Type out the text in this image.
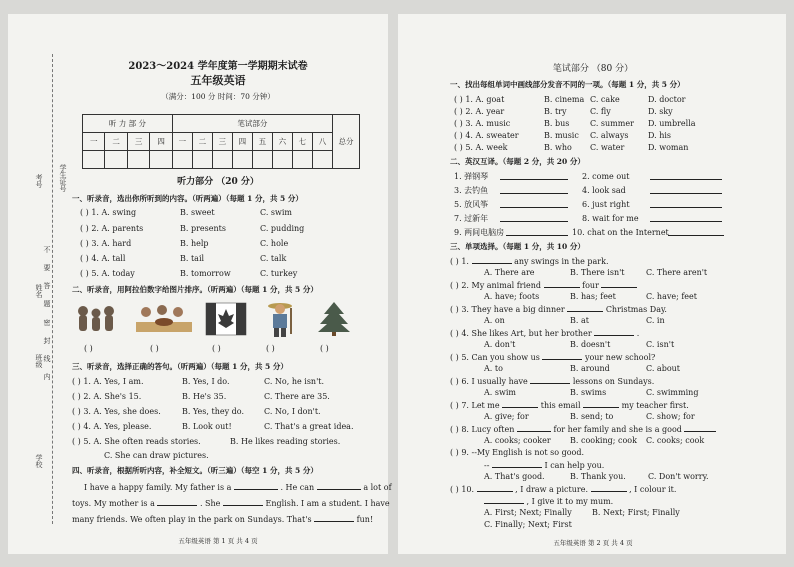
学校
班级
姓名
考号 学生证号
不
要
答
题
密
封
线
内
2023～2024 学年度第一学期期末试卷
五年级英语
（满分：100 分 时间：70 分钟）
听 力 部 分				笔试部分								总分
一	二	三	四	一	二	三	四	五	六	七	八	

听力部分 （20 分）
一、听录音，选出你所听到的内容。（听两遍）（每题 1 分，共 5 分）
( ) 1. A. swing	B. sweet	C. swim
( ) 2. A. parents	B. presents	C. pudding
( ) 3. A. hard	B. help	C. hole
( ) 4. A. tall	B. tail	C. talk
( ) 5. A. today	B. tomorrow	C. turkey
二、听录音，用阿拉伯数字给图片排序。（听两遍）（每题 1 分，共 5 分）
( )	( )	( )	( )	( )
三、听录音，选择正确的答句。（听两遍）（每题 1 分，共 5 分）
( ) 1. A. Yes, I am.	B. Yes, I do.	C. No, he isn't.
( ) 2. A. She's 15.	B. He's 35.	C. There are 35.
( ) 3. A. Yes, she does.	B. Yes, they do.	C. No, I don't.
( ) 4. A. Yes, please.	B. Look out!	C. That's a great idea.
( ) 5. A. She often reads stories.	B. He likes reading stories.
C. She can draw pictures.
四、听录音，根据所听内容，补全短文。（听三遍）（每空 1 分，共 5 分）
I have a happy family. My father is a	. He can	a lot of
toys. My mother is a	. She	English. I am a student. I have
many friends. We often play in the park on Sundays. That's	fun!
五年级英语 第 1 页 共 4 页
笔试部分 （80 分）
一、找出每组单词中画线部分发音不同的一项。（每题 1 分，共 5 分）
( ) 1. A. goat	B. cinema C. cake	D. doctor
( ) 2. A. year	B. try	C. fly	D. sky
( ) 3. A. music	B. bus	C. summer D. umbrella
( ) 4. A. sweater	B. music C. always D. his
( ) 5. A. week	B. who C. water	D. woman
二、英汉互译。（每题 2 分，共 20 分）
1. 弹钢琴	2. come out
3. 去钓鱼	4. look sad
5. 放风筝	6. just right
7. 过新年	8. wait for me
9. 两间电脑房	10. chat on the Internet
三、单项选择。（每题 1 分，共 10 分）
( ) 1.	any swings in the park.
A. There are	B. There isn't	C. There aren't
( ) 2. My animal friend	four
A. have; foots	B. has; feet	C. have; feet
( ) 3. They have a big dinner	Christmas Day.
A. on	B. at	C. in
( ) 4. She likes Art, but her brother	.
A. don't	B. doesn't	C. isn't
( ) 5. Can you show us	your new school?
A. to	B. around	C. about
( ) 6. I usually have	lessons on Sundays.
A. swim	B. swims	C. swimming
( ) 7. Let me	this email	my teacher first.
A. give; for	B. send; to	C. show; for
( ) 8. Lucy often	for her family and she is a good
A. cooks; cooker B. cooking; cook C. cooks; cook
( ) 9. --My English is not so good.
--	I can help you.
A. That's good.	B. Thank you.	C. Don't worry.
( ) 10.	, I draw a picture.	, I colour it.
, I give it to my mum.
A. First; Next; Finally	B. Next; First; Finally
C. Finally; Next; First
五年级英语 第 2 页 共 4 页
